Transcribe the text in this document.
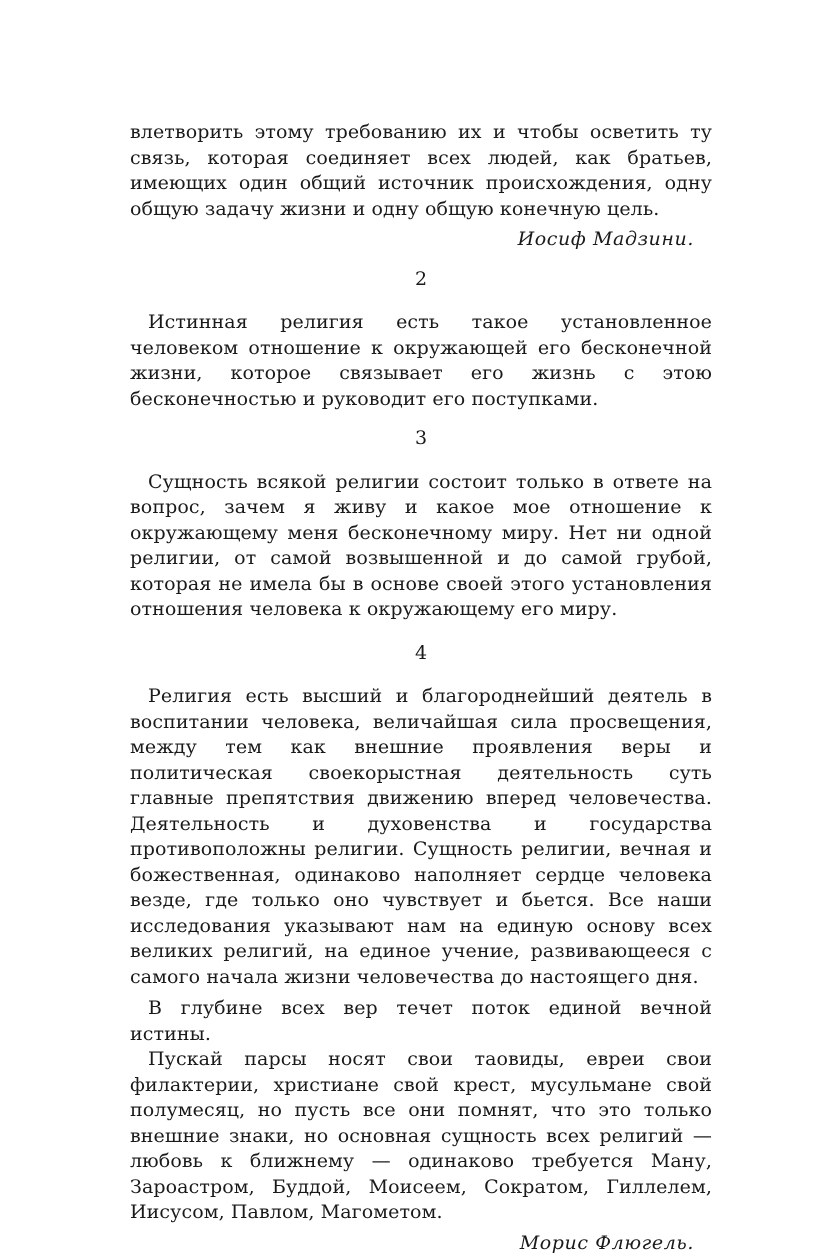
влетворить этому требованию их и чтобы осветить ту связь, которая соединяет всех людей, как братьев, имеющих один общий источник происхождения, одну общую задачу жизни и одну общую конечную цель.

Иосиф Мадзини.

2

Истинная религия есть такое установленное человеком отношение к окружающей его бесконечной жизни, которое связывает его жизнь с этою бесконечностью и руководит его поступками.

3

Сущность всякой религии состоит только в ответе на вопрос, зачем я живу и какое мое отношение к окружающему меня бесконечному миру. Нет ни одной религии, от самой возвышенной и до самой грубой, которая не имела бы в основе своей этого установления отношения человека к окружающему его миру.

4

Религия есть высший и благороднейший деятель в воспитании человека, величайшая сила просвещения, между тем как внешние проявления веры и политическая своекорыстная деятельность суть главные препятствия движению вперед человечества. Деятельность и духовенства и государства противоположны религии. Сущность религии, вечная и божественная, одинаково наполняет сердце человека везде, где только оно чувствует и бьется. Все наши исследования указывают нам на единую основу всех великих религий, на единое учение, развивающееся с самого начала жизни человечества до настоящего дня.

В глубине всех вер течет поток единой вечной истины.

Пускай парсы носят свои таовиды, евреи свои филактерии, христиане свой крест, мусульмане свой полумесяц, но пусть все они помнят, что это только внешние знаки, но основная сущность всех религий — любовь к ближнему — одинаково требуется Ману, Зароастром, Буддой, Моисеем, Сократом, Гиллелем, Иисусом, Павлом, Магометом.

Морис Флюгель.
